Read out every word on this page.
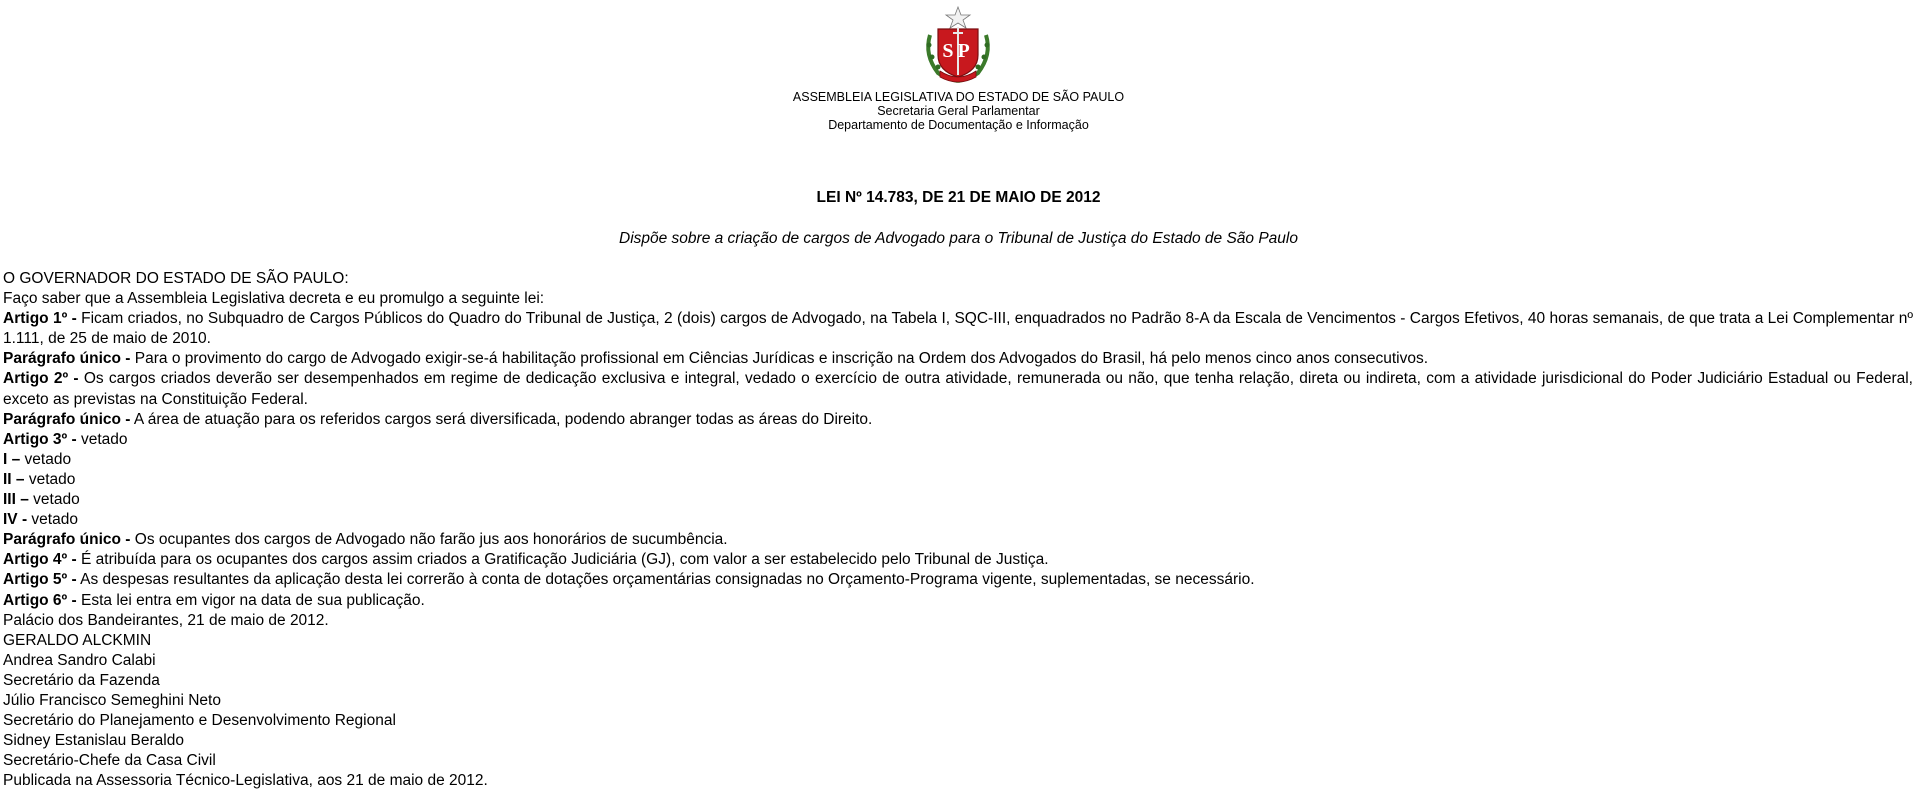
SP
ASSEMBLEIA LEGISLATIVA DO ESTADO DE SÃO PAULO
Secretaria Geral Parlamentar
Departamento de Documentação e Informação
LEI Nº 14.783, DE 21 DE MAIO DE 2012
Dispõe sobre a criação de cargos de Advogado para o Tribunal de Justiça do Estado de São Paulo

O GOVERNADOR DO ESTADO DE SÃO PAULO:

Faço saber que a Assembleia Legislativa decreta e eu promulgo a seguinte lei:

Artigo 1º - Ficam criados, no Subquadro de Cargos Públicos do Quadro do Tribunal de Justiça, 2 (dois) cargos de Advogado, na Tabela I, SQC-III, enquadrados no Padrão 8-A da Escala de Vencimentos - Cargos Efetivos, 40 horas semanais, de que trata a Lei Complementar nº 1.111, de 25 de maio de 2010.

Parágrafo único - Para o provimento do cargo de Advogado exigir-se-á habilitação profissional em Ciências Jurídicas e inscrição na Ordem dos Advogados do Brasil, há pelo menos cinco anos consecutivos.

Artigo 2º - Os cargos criados deverão ser desempenhados em regime de dedicação exclusiva e integral, vedado o exercício de outra atividade, remunerada ou não, que tenha relação, direta ou indireta, com a atividade jurisdicional do Poder Judiciário Estadual ou Federal, exceto as previstas na Constituição Federal.

Parágrafo único - A área de atuação para os referidos cargos será diversificada, podendo abranger todas as áreas do Direito.

Artigo 3º - vetado

I – vetado

II – vetado

III – vetado

IV - vetado

Parágrafo único - Os ocupantes dos cargos de Advogado não farão jus aos honorários de sucumbência.

Artigo 4º - É atribuída para os ocupantes dos cargos assim criados a Gratificação Judiciária (GJ), com valor a ser estabelecido pelo Tribunal de Justiça.

Artigo 5º - As despesas resultantes da aplicação desta lei correrão à conta de dotações orçamentárias consignadas no Orçamento-Programa vigente, suplementadas, se necessário.

Artigo 6º - Esta lei entra em vigor na data de sua publicação.

Palácio dos Bandeirantes, 21 de maio de 2012.

GERALDO ALCKMIN

Andrea Sandro Calabi

Secretário da Fazenda

Júlio Francisco Semeghini Neto

Secretário do Planejamento e Desenvolvimento Regional

Sidney Estanislau Beraldo

Secretário-Chefe da Casa Civil

Publicada na Assessoria Técnico-Legislativa, aos 21 de maio de 2012.
